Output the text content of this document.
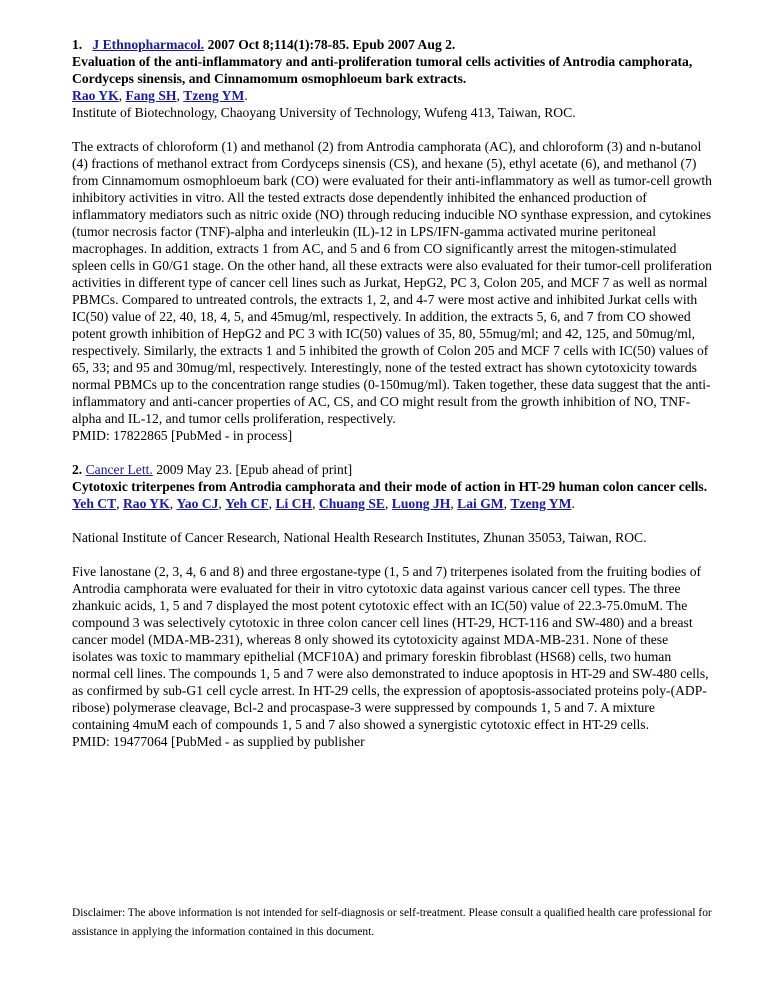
1. J Ethnopharmacol. 2007 Oct 8;114(1):78-85. Epub 2007 Aug 2.

Evaluation of the anti-inflammatory and anti-proliferation tumoral cells activities of Antrodia camphorata, Cordyceps sinensis, and Cinnamomum osmophloeum bark extracts.

Rao YK, Fang SH, Tzeng YM.

Institute of Biotechnology, Chaoyang University of Technology, Wufeng 413, Taiwan, ROC.

The extracts of chloroform (1) and methanol (2) from Antrodia camphorata (AC), and chloroform (3) and n-butanol (4) fractions of methanol extract from Cordyceps sinensis (CS), and hexane (5), ethyl acetate (6), and methanol (7) from Cinnamomum osmophloeum bark (CO) were evaluated for their anti-inflammatory as well as tumor-cell growth inhibitory activities in vitro. All the tested extracts dose dependently inhibited the enhanced production of inflammatory mediators such as nitric oxide (NO) through reducing inducible NO synthase expression, and cytokines (tumor necrosis factor (TNF)-alpha and interleukin (IL)-12 in LPS/IFN-gamma activated murine peritoneal macrophages. In addition, extracts 1 from AC, and 5 and 6 from CO significantly arrest the mitogen-stimulated spleen cells in G0/G1 stage. On the other hand, all these extracts were also evaluated for their tumor-cell proliferation activities in different type of cancer cell lines such as Jurkat, HepG2, PC 3, Colon 205, and MCF 7 as well as normal PBMCs. Compared to untreated controls, the extracts 1, 2, and 4-7 were most active and inhibited Jurkat cells with IC(50) value of 22, 40, 18, 4, 5, and 45mug/ml, respectively. In addition, the extracts 5, 6, and 7 from CO showed potent growth inhibition of HepG2 and PC 3 with IC(50) values of 35, 80, 55mug/ml; and 42, 125, and 50mug/ml, respectively. Similarly, the extracts 1 and 5 inhibited the growth of Colon 205 and MCF 7 cells with IC(50) values of 65, 33; and 95 and 30mug/ml, respectively. Interestingly, none of the tested extract has shown cytotoxicity towards normal PBMCs up to the concentration range studies (0-150mug/ml). Taken together, these data suggest that the anti-inflammatory and anti-cancer properties of AC, CS, and CO might result from the growth inhibition of NO, TNF-alpha and IL-12, and tumor cells proliferation, respectively.

PMID: 17822865 [PubMed - in process]

2. Cancer Lett. 2009 May 23. [Epub ahead of print]

Cytotoxic triterpenes from Antrodia camphorata and their mode of action in HT-29 human colon cancer cells.

Yeh CT, Rao YK, Yao CJ, Yeh CF, Li CH, Chuang SE, Luong JH, Lai GM, Tzeng YM.

National Institute of Cancer Research, National Health Research Institutes, Zhunan 35053, Taiwan, ROC.

Five lanostane (2, 3, 4, 6 and 8) and three ergostane-type (1, 5 and 7) triterpenes isolated from the fruiting bodies of Antrodia camphorata were evaluated for their in vitro cytotoxic data against various cancer cell types. The three zhankuic acids, 1, 5 and 7 displayed the most potent cytotoxic effect with an IC(50) value of 22.3-75.0muM. The compound 3 was selectively cytotoxic in three colon cancer cell lines (HT-29, HCT-116 and SW-480) and a breast cancer model (MDA-MB-231), whereas 8 only showed its cytotoxicity against MDA-MB-231. None of these isolates was toxic to mammary epithelial (MCF10A) and primary foreskin fibroblast (HS68) cells, two human normal cell lines. The compounds 1, 5 and 7 were also demonstrated to induce apoptosis in HT-29 and SW-480 cells, as confirmed by sub-G1 cell cycle arrest. In HT-29 cells, the expression of apoptosis-associated proteins poly-(ADP-ribose) polymerase cleavage, Bcl-2 and procaspase-3 were suppressed by compounds 1, 5 and 7. A mixture containing 4muM each of compounds 1, 5 and 7 also showed a synergistic cytotoxic effect in HT-29 cells.

PMID: 19477064 [PubMed - as supplied by publisher

Disclaimer: The above information is not intended for self-diagnosis or self-treatment. Please consult a qualified health care professional for assistance in applying the information contained in this document.
